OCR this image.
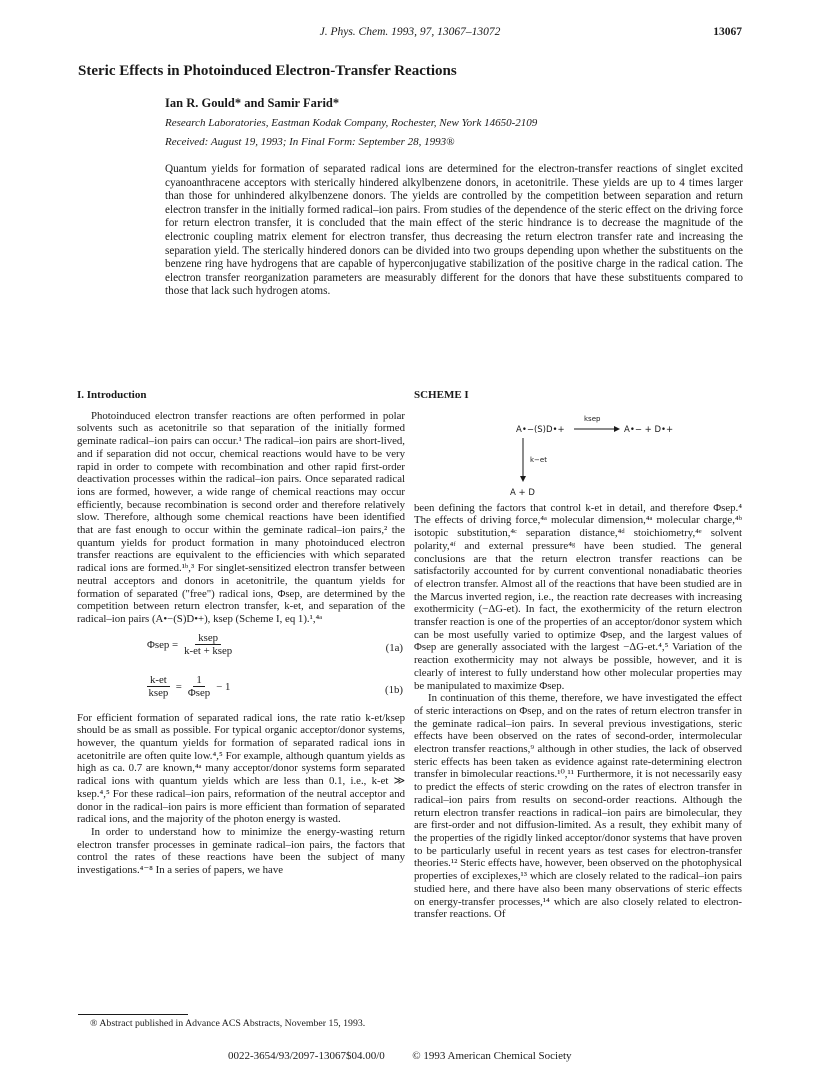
J. Phys. Chem. 1993, 97, 13067–13072	13067
Steric Effects in Photoinduced Electron-Transfer Reactions
Ian R. Gould* and Samir Farid*
Research Laboratories, Eastman Kodak Company, Rochester, New York 14650-2109
Received: August 19, 1993; In Final Form: September 28, 1993®
Quantum yields for formation of separated radical ions are determined for the electron-transfer reactions of singlet excited cyanoanthracene acceptors with sterically hindered alkylbenzene donors, in acetonitrile. These yields are up to 4 times larger than those for unhindered alkylbenzene donors. The yields are controlled by the competition between separation and return electron transfer in the initially formed radical–ion pairs. From studies of the dependence of the steric effect on the driving force for return electron transfer, it is concluded that the main effect of the steric hindrance is to decrease the magnitude of the electronic coupling matrix element for electron transfer, thus decreasing the return electron transfer rate and increasing the separation yield. The sterically hindered donors can be divided into two groups depending upon whether the substituents on the benzene ring have hydrogens that are capable of hyperconjugative stabilization of the positive charge in the radical cation. The electron transfer reorganization parameters are measurably different for the donors that have these substituents compared to those that lack such hydrogen atoms.
I. Introduction

Photoinduced electron transfer reactions are often performed in polar solvents such as acetonitrile so that separation of the initially formed geminate radical–ion pairs can occur.¹ The radical–ion pairs are short-lived, and if separation did not occur, chemical reactions would have to be very rapid in order to compete with recombination and other rapid first-order deactivation processes within the radical–ion pairs. Once separated radical ions are formed, however, a wide range of chemical reactions may occur efficiently, because recombination is second order and therefore relatively slow. Therefore, although some chemical reactions have been identified that are fast enough to occur within the geminate radical–ion pairs,² the quantum yields for product formation in many photoinduced electron transfer reactions are equivalent to the efficiencies with which separated radical ions are formed.¹ᵇ,³ For singlet-sensitized electron transfer between neutral acceptors and donors in acetonitrile, the quantum yields for formation of separated ("free") radical ions, Φsep, are determined by the competition between return electron transfer, k-et, and separation of the radical–ion pairs (A•−(S)D•+), ksep (Scheme I, eq 1).¹,⁴ᵃ

$\Phi sep = \frac{\text{ksep}}{\text{k-et + ksep}}$	(1a)
$\frac{k-et}{\text{ksep}} = \frac{1}{\text{Φsep}} - 1$	(1b)

For efficient formation of separated radical ions, the rate ratio k-et/ksep should be as small as possible. For typical organic acceptor/donor systems, however, the quantum yields for formation of separated radical ions in acetonitrile are often quite low.⁴,⁵ For example, although quantum yields as high as ca. 0.7 are known,⁴ᵃ many acceptor/donor systems form separated radical ions with quantum yields which are less than 0.1, i.e., k-et ≫ ksep.⁴,⁵ For these radical–ion pairs, reformation of the neutral acceptor and donor in the radical–ion pairs is more efficient than formation of separated radical ions, and the majority of the photon energy is wasted.

In order to understand how to minimize the energy-wasting return electron transfer processes in geminate radical–ion pairs, the factors that control the rates of these reactions have been the subject of many investigations.⁴⁻⁸ In a series of papers, we have

SCHEME I
A•−(S)D•+
ksep
A•− + D•+
k−et
A + D

been defining the factors that control k-et in detail, and therefore Φsep.⁴ The effects of driving force,⁴ᵃ molecular dimension,⁴ᵃ molecular charge,⁴ᵇ isotopic substitution,⁴ᶜ separation distance,⁴ᵈ stoichiometry,⁴ᵉ solvent polarity,⁴ᶠ and external pressure⁴ᵍ have been studied. The general conclusions are that the return electron transfer reactions can be satisfactorily accounted for by current conventional nonadiabatic theories of electron transfer. Almost all of the reactions that have been studied are in the Marcus inverted region, i.e., the reaction rate decreases with increasing exothermicity (−ΔG-et). In fact, the exothermicity of the return electron transfer reaction is one of the properties of an acceptor/donor system which can be most usefully varied to optimize Φsep, and the largest values of Φsep are generally associated with the largest −ΔG-et.⁴,⁵ Variation of the reaction exothermicity may not always be possible, however, and it is clearly of interest to fully understand how other molecular properties may be manipulated to maximize Φsep.

In continuation of this theme, therefore, we have investigated the effect of steric interactions on Φsep, and on the rates of return electron transfer in the geminate radical–ion pairs. In several previous investigations, steric effects have been observed on the rates of second-order, intermolecular electron transfer reactions,⁹ although in other studies, the lack of observed steric effects has been taken as evidence against rate-determining electron transfer in bimolecular reactions.¹⁰,¹¹ Furthermore, it is not necessarily easy to predict the effects of steric crowding on the rates of electron transfer in radical–ion pairs from results on second-order reactions. Although the return electron transfer reactions in radical–ion pairs are bimolecular, they are first-order and not diffusion-limited. As a result, they exhibit many of the properties of the rigidly linked acceptor/donor systems that have proven to be particularly useful in recent years as test cases for electron-transfer theories.¹² Steric effects have, however, been observed on the photophysical properties of exciplexes,¹³ which are closely related to the radical–ion pairs studied here, and there have also been many observations of steric effects on energy-transfer processes,¹⁴ which are also closely related to electron-transfer reactions. Of

® Abstract published in Advance ACS Abstracts, November 15, 1993.
0022-3654/93/2097-13067$04.00/0	© 1993 American Chemical Society
